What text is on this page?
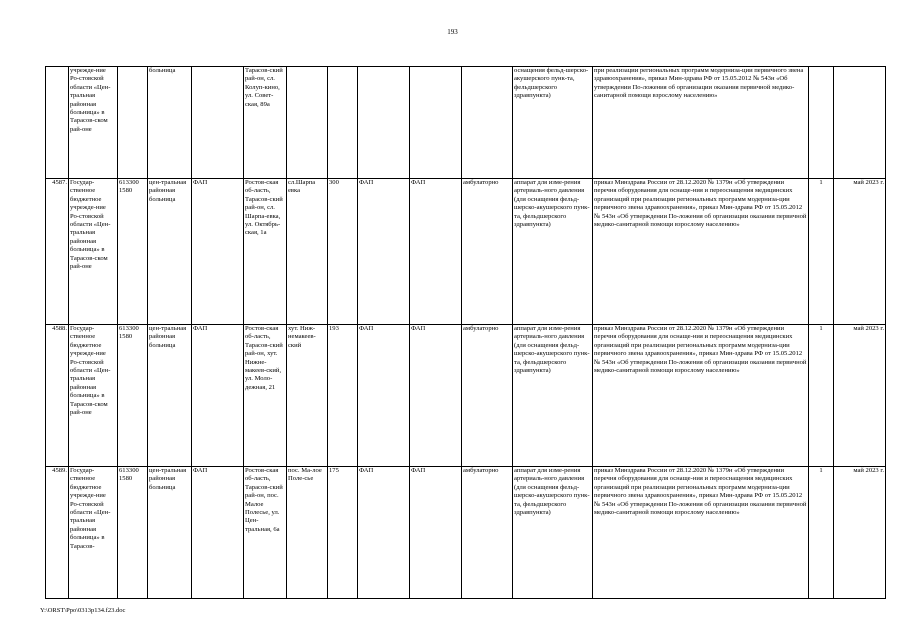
193
	учрежде-ние Ро-стовской области «Цен-тральная районная больница» в Тарасов-ском рай-оне		больница		Тарасов-ский рай-он, сл. Колуп-кино, ул. Совет-ская, 89а						оснащения фельд-шерско-акушерского пунк-та, фельдшерского здравпункта)	при реализации региональных программ модерниза-ции первичного звена здравоохранения», приказ Мин-здрава РФ от 15.05.2012 № 543н «Об утверждении По-ложения об организации оказания первичной медико-санитарной помощи взрослому населению»		
4587.	Государ-ственное бюджетное учрежде-ние Ро-стовской области «Цен-тральная районная больница» в Тарасов-ском рай-оне	613300 1580	цен-тральная районная больница	ФАП	Ростов-ская об-ласть, Тарасов-ский рай-он, сл. Шарпа-евка, ул. Октябрь-ская, 1а	сл.Шарпа евка	300	ФАП	ФАП	амбулаторно	аппарат для изме-рения артериаль-ного давления (для оснащения фельд-шерско-акушерского пунк-та, фельдшерского здравпункта)	приказ Минздрава России от 28.12.2020 № 1379н «Об утверждении перечня оборудования для оснаще-ния и переоснащения медицинских организаций при реализации региональных программ модерниза-ции первичного звена здравоохранения», приказ Мин-здрава РФ от 15.05.2012 № 543н «Об утверждении По-ложения об организации оказания первичной медико-санитарной помощи взрослому населению»	1	май 2023 г.
4588.	Государ-ственное бюджетное учрежде-ние Ро-стовской области «Цен-тральная районная больница» в Тарасов-ском рай-оне	613300 1580	цен-тральная районная больница	ФАП	Ростов-ская об-ласть, Тарасов-ский рай-он, хут. Нижне-макеев-ский, ул. Моло-дежная, 21	хут. Ниж-немакеев-ский	193	ФАП	ФАП	амбулаторно	аппарат для изме-рения артериаль-ного давления (для оснащения фельд-шерско-акушерского пунк-та, фельдшерского здравпункта)	приказ Минздрава России от 28.12.2020 № 1379н «Об утверждении перечня оборудования для оснаще-ния и переоснащения медицинских организаций при реализации региональных программ модерниза-ции первичного звена здравоохранения», приказ Мин-здрава РФ от 15.05.2012 № 543н «Об утверждении По-ложения об организации оказания первичной медико-санитарной помощи взрослому населению»	1	май 2023 г.
4589.	Государ-ственное бюджетное учрежде-ние Ро-стовской области «Цен-тральная районная больница» в Тарасов-	613300 1580	цен-тральная районная больница	ФАП	Ростов-ская об-ласть, Тарасов-ский рай-он, пос. Малое Полесье, ул. Цен-тральная, 6а	пос. Ма-лое Поле-сье	175	ФАП	ФАП	амбулаторно	аппарат для изме-рения артериаль-ного давления (для оснащения фельд-шерско-акушерского пунк-та, фельдшерского здравпункта)	приказ Минздрава России от 28.12.2020 № 1379н «Об утверждении перечня оборудования для оснаще-ния и переоснащения медицинских организаций при реализации региональных программ модерниза-ции первичного звена здравоохранения», приказ Мин-здрава РФ от 15.05.2012 № 543н «Об утверждении По-ложения об организации оказания первичной медико-санитарной помощи взрослому населению»	1	май 2023 г.
Y:\ORST\Ppo\0313p134.f23.doc
